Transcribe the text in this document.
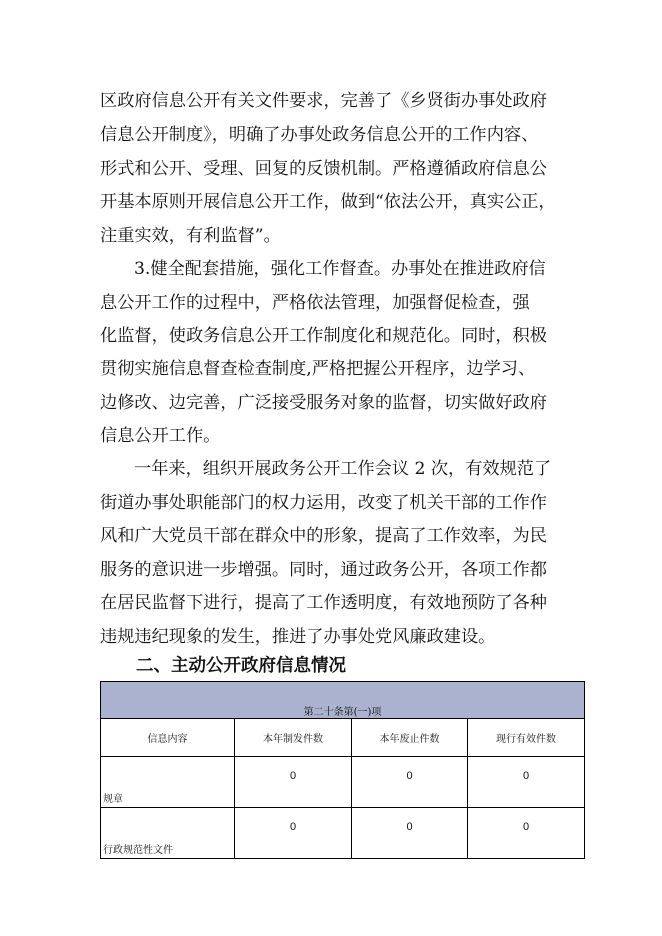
区政府信息公开有关文件要求，完善了《乡贤街办事处政府
信息公开制度》，明确了办事处政务信息公开的工作内容、
形式和公开、受理、回复的反馈机制。严格遵循政府信息公
开基本原则开展信息公开工作，做到“依法公开，真实公正，
注重实效，有利监督”。
3.健全配套措施，强化工作督查。办事处在推进政府信
息公开工作的过程中，严格依法管理，加强督促检查，强
化监督，使政务信息公开工作制度化和规范化。同时，积极
贯彻实施信息督查检查制度,严格把握公开程序，边学习、
边修改、边完善，广泛接受服务对象的监督，切实做好政府
信息公开工作。
一年来，组织开展政务公开工作会议 2 次，有效规范了
街道办事处职能部门的权力运用，改变了机关干部的工作作
风和广大党员干部在群众中的形象，提高了工作效率，为民
服务的意识进一步增强。同时，通过政务公开，各项工作都
在居民监督下进行，提高了工作透明度，有效地预防了各种
违规违纪现象的发生，推进了办事处党风廉政建设。
二、主动公开政府信息情况
第二十条第(一)项			
信息内容	本年制发件数	本年废止件数	现行有效件数
规章	0	0	0
行政规范性文件	0	0	0
